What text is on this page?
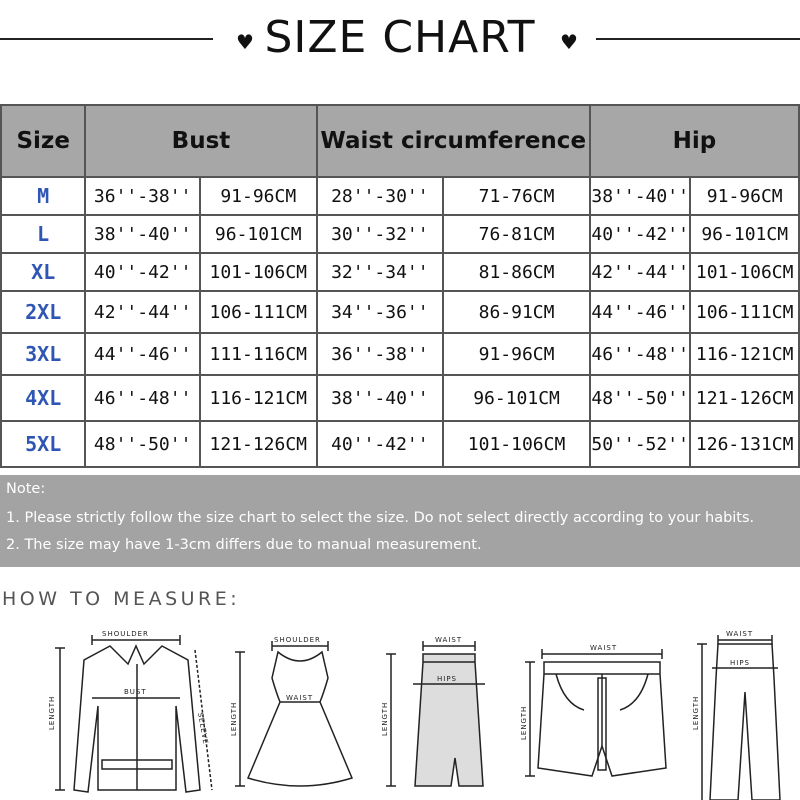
♥ SIZE CHART	♥
Size	Bust		Waist circumference		Hip	
M	36''-38''	91-96CM	28''-30''	71-76CM	38''-40''	91-96CM
L	38''-40''	96-101CM	30''-32''	76-81CM	40''-42''	96-101CM
XL	40''-42''	101-106CM	32''-34''	81-86CM	42''-44''	101-106CM
2XL	42''-44''	106-111CM	34''-36''	86-91CM	44''-46''	106-111CM
3XL	44''-46''	111-116CM	36''-38''	91-96CM	46''-48''	116-121CM
4XL	46''-48''	116-121CM	38''-40''	96-101CM	48''-50''	121-126CM
5XL	48''-50''	121-126CM	40''-42''	101-106CM	50''-52''	126-131CM
Note:
1. Please strictly follow the size chart to select the size. Do not select directly according to your habits.
2. The size may have 1-3cm differs due to manual measurement.
HOW TO MEASURE:
SHOULDER
BUST
LENGTH	SELEVE
SHOULDER
WAIST
LENGTH
WAIST
HIPS
LENGTH
WAIST
LENGTH
WAIST
HIPS
LENGTH
